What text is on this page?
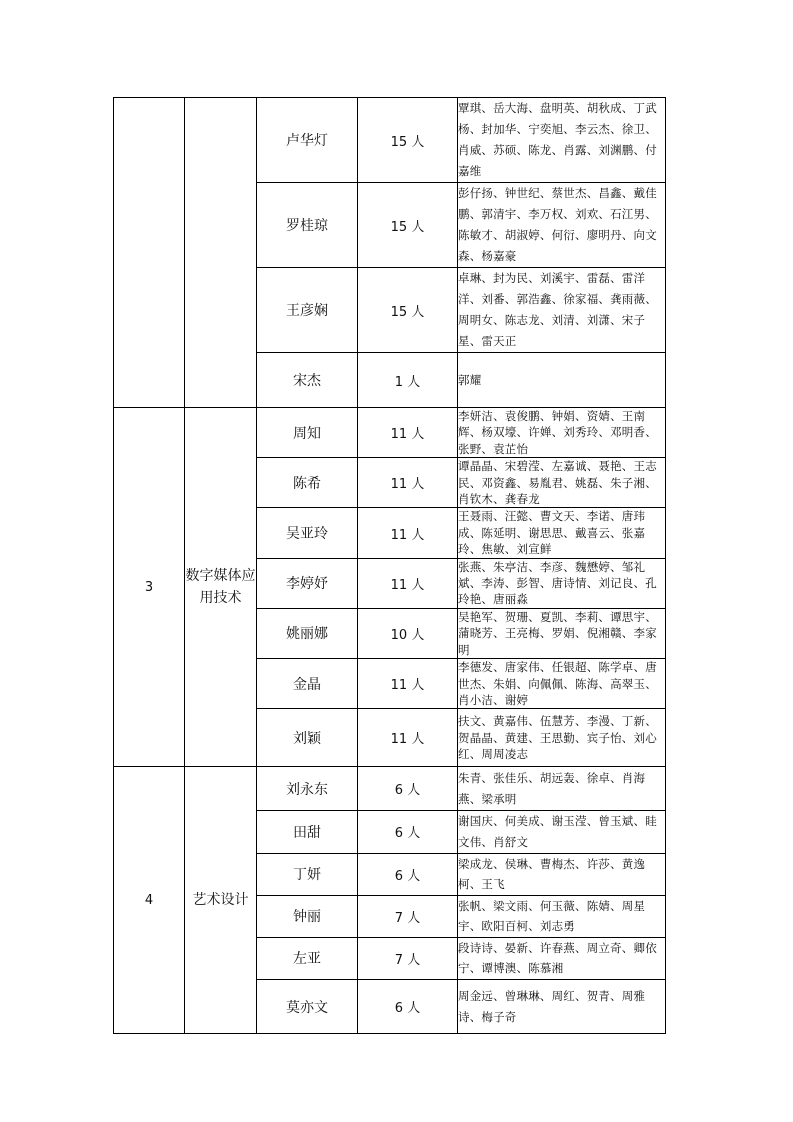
		卢华灯	15 人	覃琪、岳大海、盘明英、胡秋成、丁武杨、封加华、宁奕旭、李云杰、徐卫、肖威、苏硕、陈龙、肖露、刘渊鹏、付嘉维
		罗桂琼	15 人	彭仔扬、钟世纪、蔡世杰、昌鑫、戴佳鹏、郭清宇、李万权、刘欢、石江男、陈敏才、胡淑婷、何衍、廖明丹、向文森、杨嘉豪
		王彦娴	15 人	卓琳、封为民、刘溪宇、雷磊、雷洋洋、刘番、郭浩鑫、徐家福、龚雨薇、周明女、陈志龙、刘清、刘潇、宋子星、雷天正
		宋杰	1 人	郭耀
3	数字媒体应用技术	周知	11 人	李妍洁、袁俊鹏、钟娟、资婧、王南辉、杨双壕、许婵、刘秀玲、邓明香、张野、袁芷怡
		陈希	11 人	谭晶晶、宋碧滢、左嘉诚、聂艳、王志民、邓资鑫、易胤君、姚磊、朱子湘、肖钦木、龚春龙
		吴亚玲	11 人	王聂雨、汪懿、曹文天、李诺、唐玮成、陈延明、谢思思、戴喜云、张嘉玲、焦敏、刘宣鲜
		李婷妤	11 人	张燕、朱亭洁、李彦、魏懋婷、邹礼斌、李涛、彭智、唐诗情、刘记良、孔玲艳、唐丽淼
		姚丽娜	10 人	吴艳军、贺珊、夏凯、李莉、谭思宇、蒲晓芳、王亮梅、罗娟、倪湘赣、李家明
		金晶	11 人	李德发、唐家伟、任银超、陈学卓、唐世杰、朱娟、向佩佩、陈海、高翠玉、肖小洁、谢婷
		刘颖	11 人	扶文、黄嘉伟、伍慧芳、李漫、丁新、贺晶晶、黄建、王思勤、宾子怡、刘心红、周周凌志
4	艺术设计	刘永东	6 人	朱青、张佳乐、胡远轰、徐卓、肖海燕、梁承明
		田甜	6 人	谢国庆、何美成、谢玉滢、曾玉斌、眭文伟、肖舒文
		丁妍	6 人	梁成龙、侯琳、曹梅杰、许莎、黄逸柯、王飞
		钟丽	7 人	张帆、梁文雨、何玉薇、陈婧、周星宇、欧阳百柯、刘志勇
		左亚	7 人	段诗诗、晏新、许春燕、周立奇、卿依宁、谭博澳、陈慕湘
		莫亦文	6 人	周金远、曾琳琳、周红、贺青、周雅诗、梅子奇
